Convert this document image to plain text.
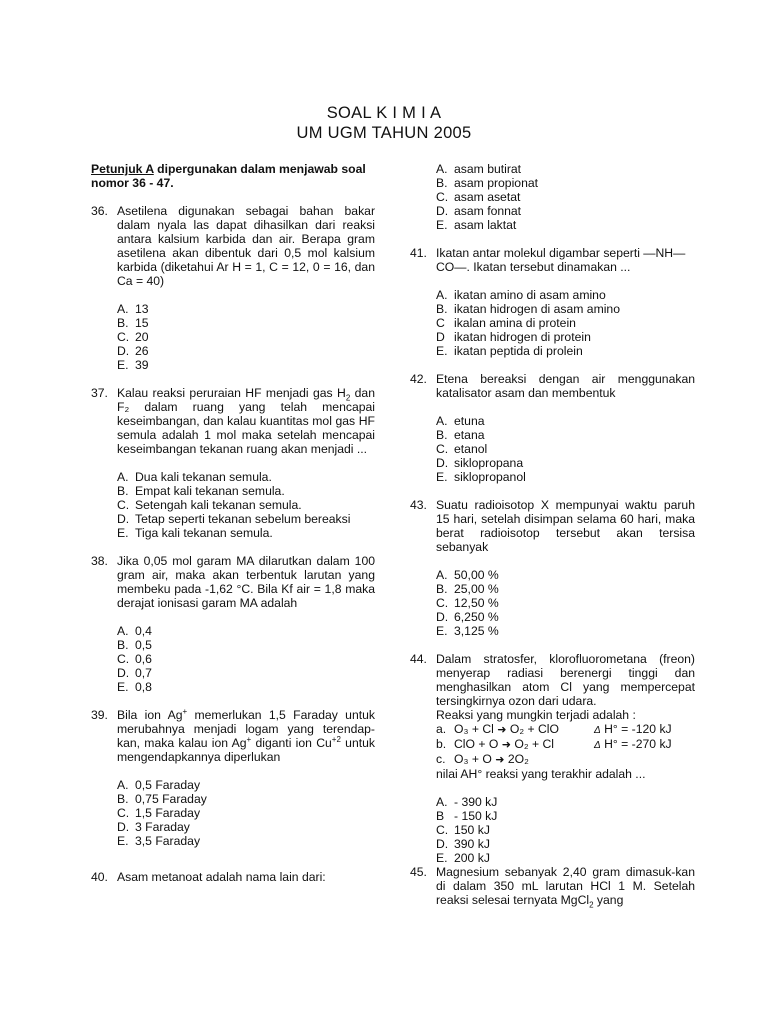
SOAL K I M I A
UM UGM TAHUN 2005
Petunjuk A dipergunakan dalam menjawab soal nomor 36 - 47.
36. Asetilena digunakan sebagai bahan bakar dalam nyala las dapat dihasilkan dari reaksi antara kalsium karbida dan air. Berapa gram asetilena akan dibentuk dari 0,5 mol kalsium karbida (diketahui Ar H = 1, C = 12, 0 = 16, dan Ca = 40)
A. 13
B. 15
C. 20
D. 26
E. 39
37. Kalau reaksi peruraian HF menjadi gas $H_2$ dan F₂ dalam ruang yang telah mencapai keseimbangan, dan kalau kuantitas mol gas HF semula adalah 1 mol maka setelah mencapai keseimbangan tekanan ruang akan menjadi ...
A. Dua kali tekanan semula.
B. Empat kali tekanan semula.
C. Setengah kali tekanan semula.
D. Tetap seperti tekanan sebelum bereaksi
E. Tiga kali tekanan semula.
38. Jika 0,05 mol garam MA dilarutkan dalam 100 gram air, maka akan terbentuk larutan yang membeku pada -1,62 °C. Bila Kf air = 1,8 maka derajat ionisasi garam MA adalah
A. 0,4
B. 0,5
C. 0,6
D. 0,7
E. 0,8
39. Bila ion Ag+ memerlukan 1,5 Faraday untuk merubahnya menjadi logam yang terendap-kan, maka kalau ion Ag+ diganti ion $Cu^{+2}$ untuk mengendapkannya diperlukan
A. 0,5 Faraday
B. 0,75 Faraday
C. 1,5 Faraday
D. 3 Faraday
E. 3,5 Faraday
40. Asam metanoat adalah nama lain dari:
A. asam butirat
B. asam propionat
C. asam asetat
D. asam fonnat
E. asam laktat
41. Ikatan antar molekul digambar seperti —NH—CO—. Ikatan tersebut dinamakan ...
A. ikatan amino di asam amino
B. ikatan hidrogen di asam amino
C ikalan amina di protein
D ikatan hidrogen di protein
E. ikatan peptida di prolein
42. Etena bereaksi dengan air menggunakan katalisator asam dan membentuk
A. etuna
B. etana
C. etanol
D. siklopropana
E. siklopropanol
43. Suatu radioisotop X mempunyai waktu paruh 15 hari, setelah disimpan selama 60 hari, maka berat radioisotop tersebut akan tersisa sebanyak
A. 50,00 %
B. 25,00 %
C. 12,50 %
D. 6,250 %
E. 3,125 %
44. Dalam stratosfer, klorofluorometana (freon) menyerap radiasi berenergi tinggi dan menghasilkan atom Cl yang mempercepat tersingkirnya ozon dari udara.
Reaksi yang mungkin terjadi adalah :
a. O₃ + Cl ➜ O₂ + ClO	Δ H° = -120 kJ
b. ClO + O ➜ O₂ + Cl	Δ H° = -270 kJ
c. O₃ + O ➜ 2O₂
nilai AH° reaksi yang terakhir adalah ...
A. - 390 kJ
B - 150 kJ
C. 150 kJ
D. 390 kJ
E. 200 kJ
45. Magnesium sebanyak 2,40 gram dimasuk-kan di dalam 350 mL larutan HCl 1 M. Setelah reaksi selesai ternyata MgCl$_2$ yang
